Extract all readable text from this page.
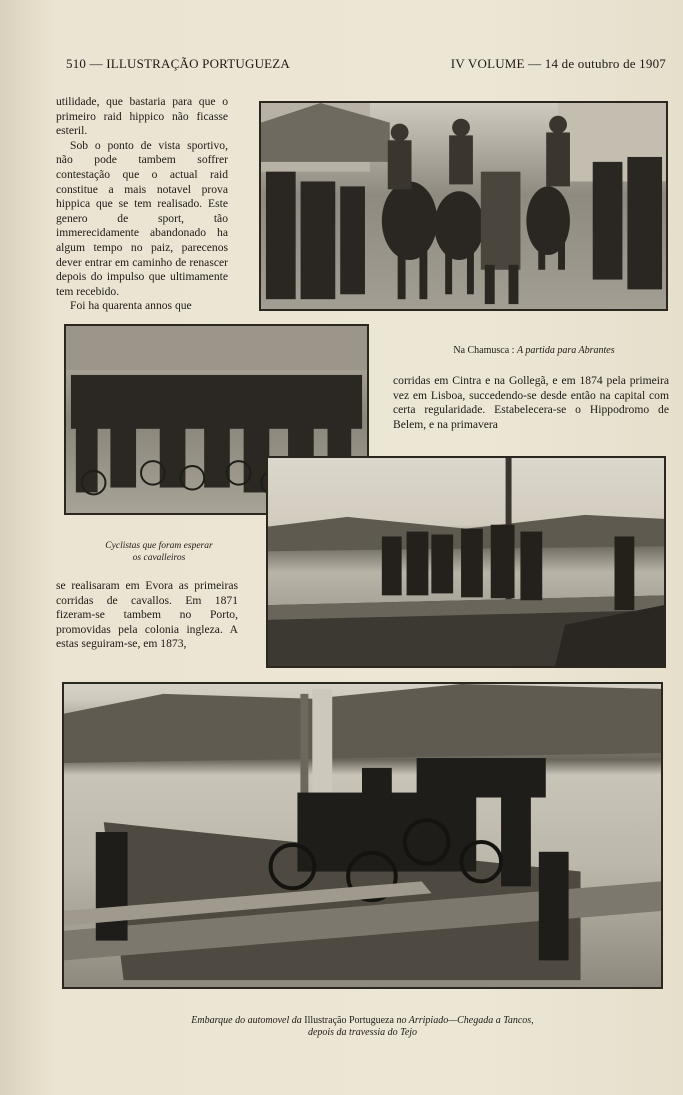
510 — ILLUSTRAÇÃO PORTUGUEZA	IV VOLUME — 14 de outubro de 1907

utilidade, que bastaria para que o primeiro raid hippico não ficasse esteril.

Sob o ponto de vista sportivo, não pode tambem soffrer contestação que o actual raid constitue a mais notavel prova hippica que se tem realisado. Este genero de sport, tão immerecidamente abandonado ha algum tempo no paiz, parecenos dever entrar em caminho de renascer depois do impulso que ultimamente tem recebido.

Foi ha quarenta annos que

Na Chamusca : A partida para Abrantes

corridas em Cintra e na Gollegã, e em 1874 pela primeira vez em Lisboa, succedendo-se desde então na capital com certa regularidade. Estabelecera-se o Hippodromo de Belem, e na primavera

Cyclistas que foram esperar
os cavalleiros

se realisaram em Evora as primeiras corridas de cavallos. Em 1871 fizeram-se tambem no Porto, promovidas pela colonia ingleza. A estas seguiram-se, em 1873,

Embarque do automovel da Illustração Portugueza no Arripiado—Chegada a Tancos,
depois da travessia do Tejo
